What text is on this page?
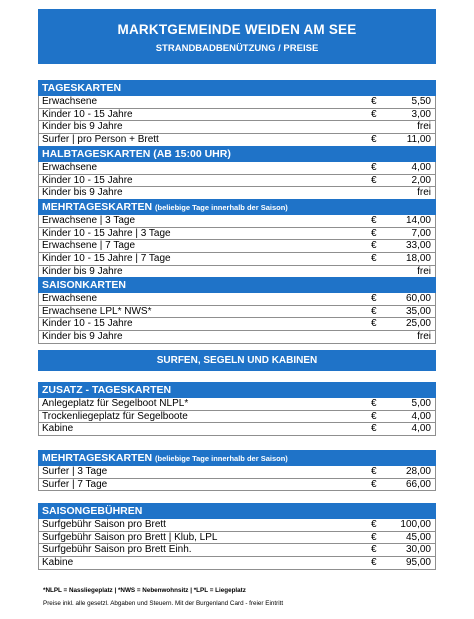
MARKTGEMEINDE WEIDEN AM SEE
STRANDBADBENÜTZUNG / PREISE
TAGESKARTEN
Erwachsene	€	5,50
Kinder 10 - 15 Jahre	€	3,00
Kinder bis 9 Jahre	frei
Surfer | pro Person + Brett	€	11,00
HALBTAGESKARTEN (AB 15:00 UHR)
Erwachsene	€	4,00
Kinder 10 - 15 Jahre	€	2,00
Kinder bis 9 Jahre	frei
MEHRTAGESKARTEN (beliebige Tage innerhalb der Saison)
Erwachsene | 3 Tage	€	14,00
Kinder 10 - 15 Jahre | 3 Tage	€	7,00
Erwachsene | 7 Tage	€	33,00
Kinder 10 - 15 Jahre | 7 Tage	€	18,00
Kinder bis 9 Jahre	frei
SAISONKARTEN
Erwachsene	€	60,00
Erwachsene LPL* NWS*	€	35,00
Kinder 10 - 15 Jahre	€	25,00
Kinder bis 9 Jahre	frei
SURFEN, SEGELN UND KABINEN
ZUSATZ - TAGESKARTEN
Anlegeplatz für Segelboot NLPL*	€	5,00
Trockenliegeplatz für Segelboote	€	4,00
Kabine	€	4,00
MEHRTAGESKARTEN (beliebige Tage innerhalb der Saison)
Surfer | 3 Tage	€	28,00
Surfer | 7 Tage	€	66,00
SAISONGEBÜHREN
Surfgebühr Saison pro Brett	€ 100,00
Surfgebühr Saison pro Brett | Klub, LPL	€	45,00
Surfgebühr Saison pro Brett Einh.	€	30,00
Kabine	€	95,00
*NLPL = Nassliegeplatz | *NWS = Nebenwohnsitz | *LPL = Liegeplatz
Preise inkl. alle gesetzl. Abgaben und Steuern. Mit der Burgenland Card - freier Eintritt
